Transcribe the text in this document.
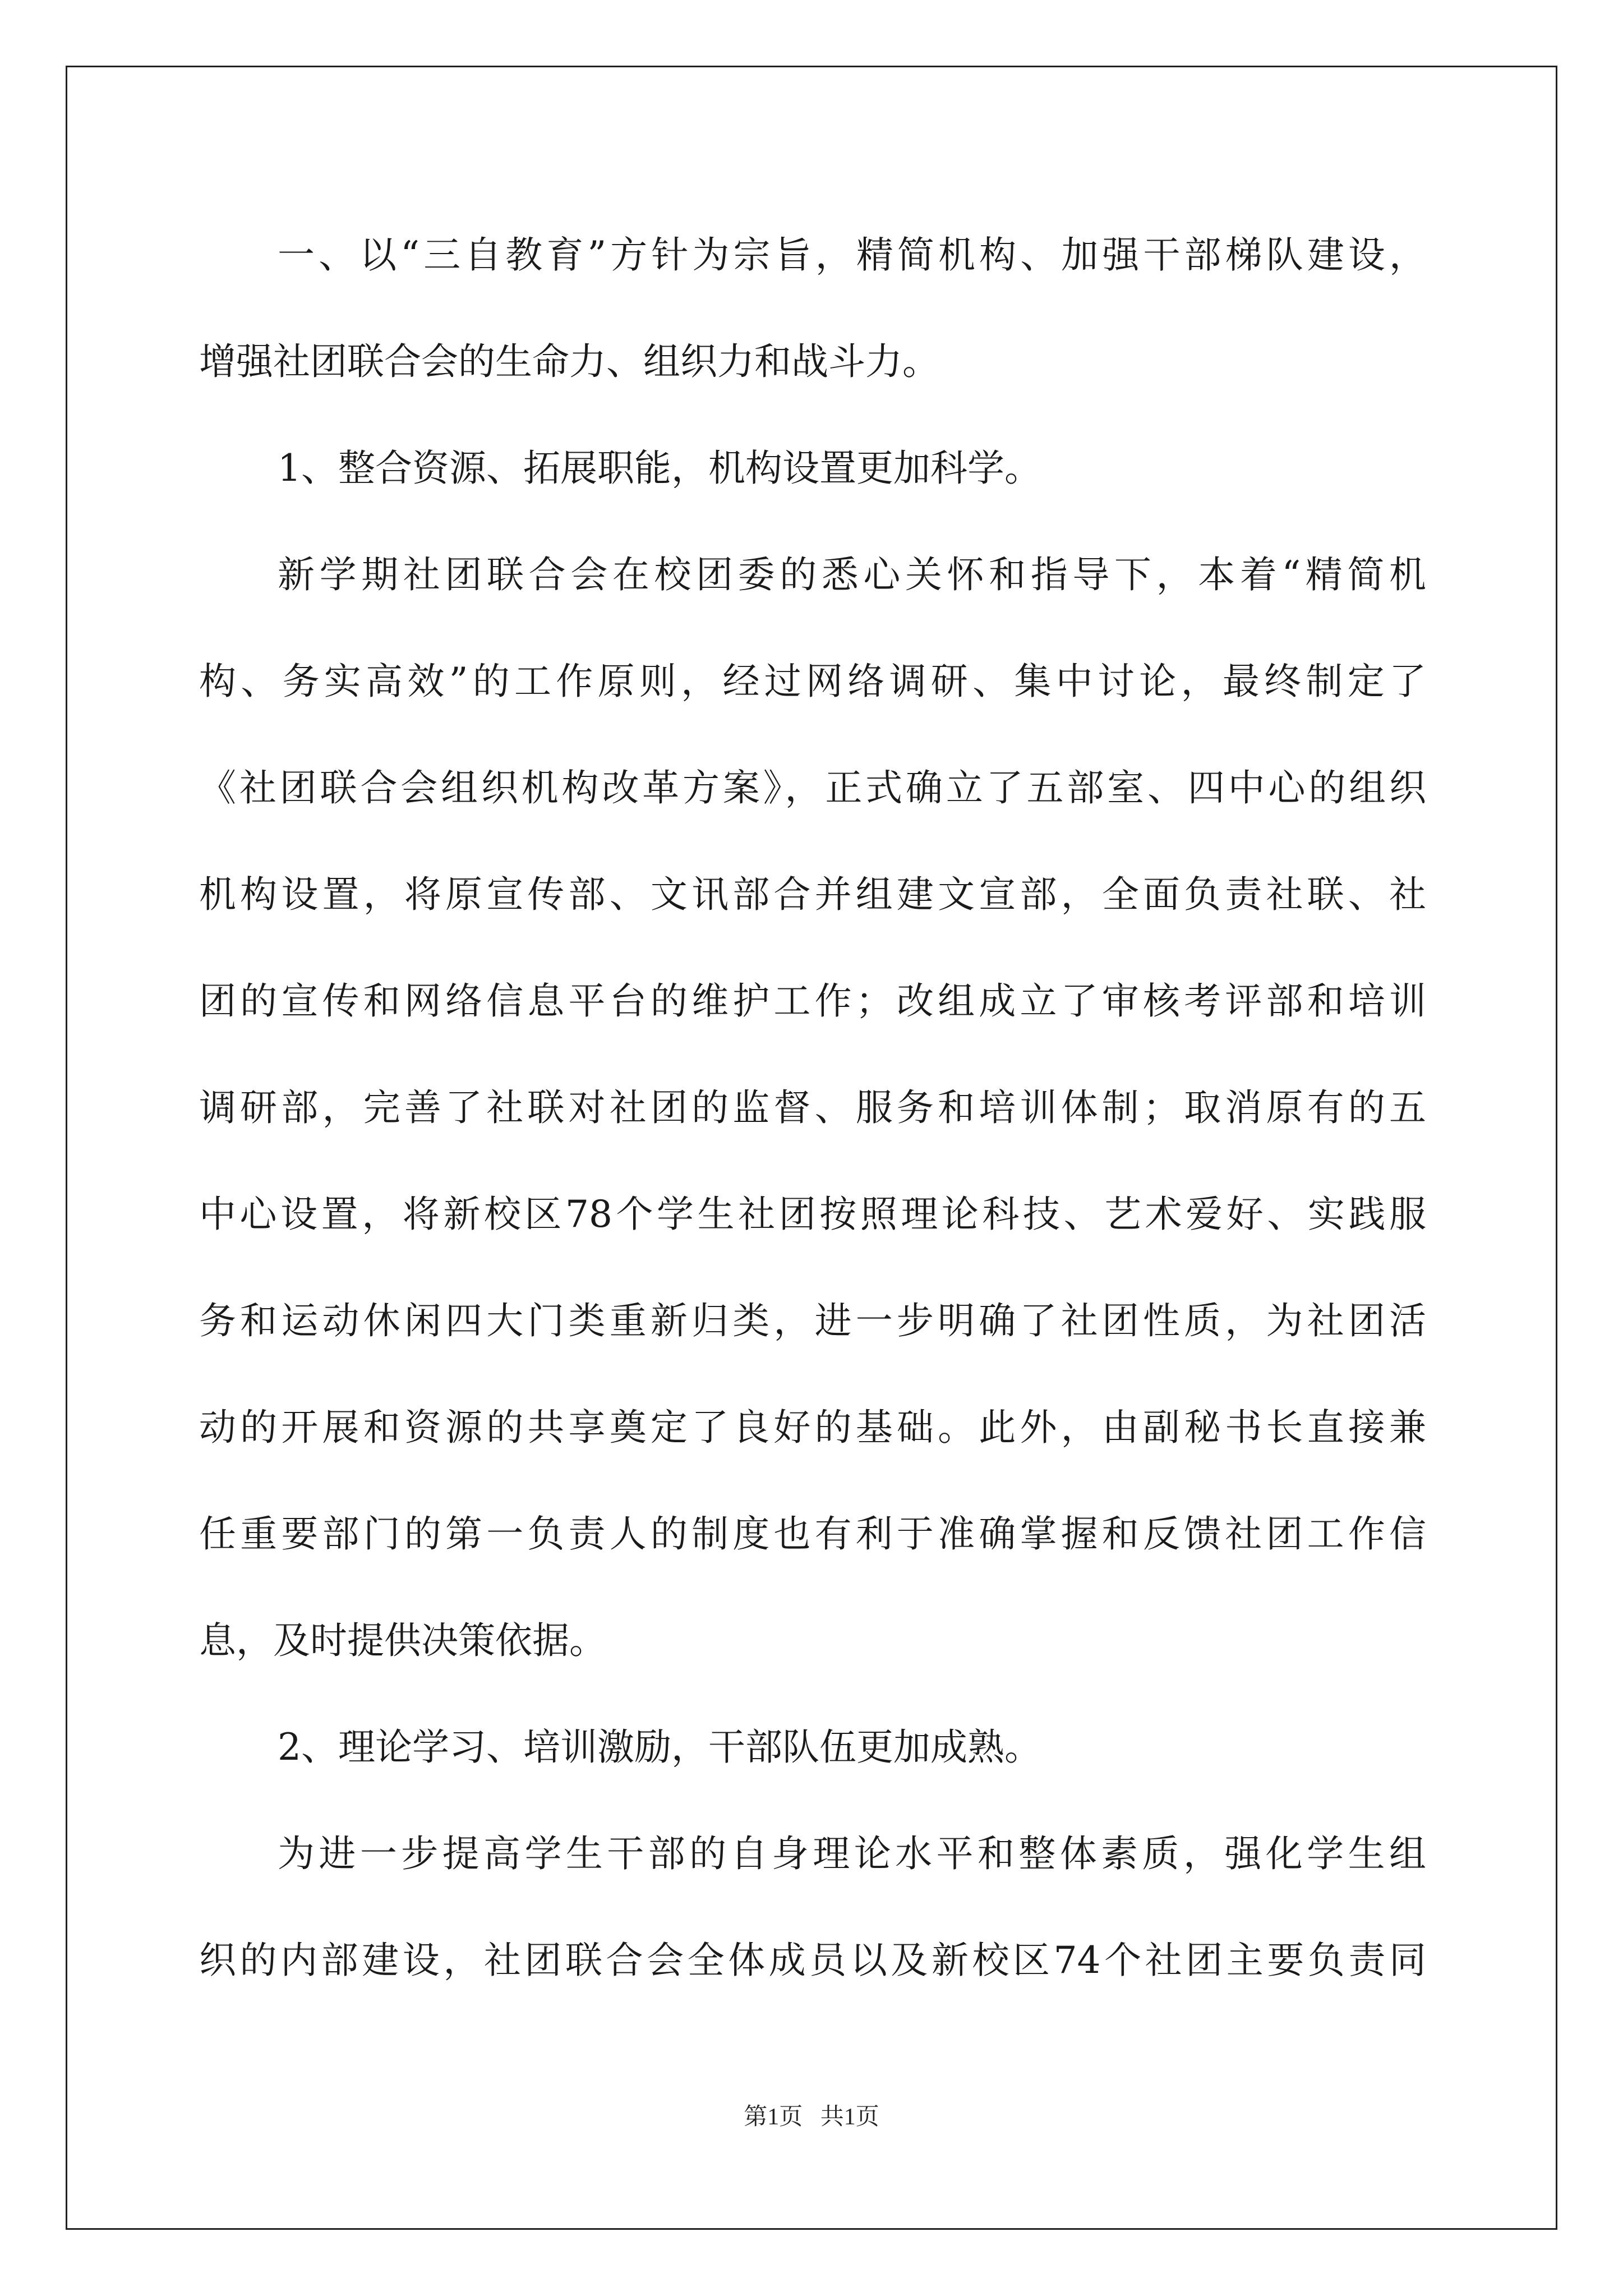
一、以“三自教育”方针为宗旨，精简机构、加强干部梯队建设，
增强社团联合会的生命力、组织力和战斗力。
1、整合资源、拓展职能，机构设置更加科学。
新学期社团联合会在校团委的悉心关怀和指导下，本着“精简机
构、务实高效”的工作原则，经过网络调研、集中讨论，最终制定了
《社团联合会组织机构改革方案》，正式确立了五部室、四中心的组织
机构设置，将原宣传部、文讯部合并组建文宣部，全面负责社联、社
团的宣传和网络信息平台的维护工作；改组成立了审核考评部和培训
调研部，完善了社联对社团的监督、服务和培训体制；取消原有的五
中心设置，将新校区78个学生社团按照理论科技、艺术爱好、实践服
务和运动休闲四大门类重新归类，进一步明确了社团性质，为社团活
动的开展和资源的共享奠定了良好的基础。此外，由副秘书长直接兼
任重要部门的第一负责人的制度也有利于准确掌握和反馈社团工作信
息，及时提供决策依据。
2、理论学习、培训激励，干部队伍更加成熟。
为进一步提高学生干部的自身理论水平和整体素质，强化学生组
织的内部建设，社团联合会全体成员以及新校区74个社团主要负责同
第1页   共1页
